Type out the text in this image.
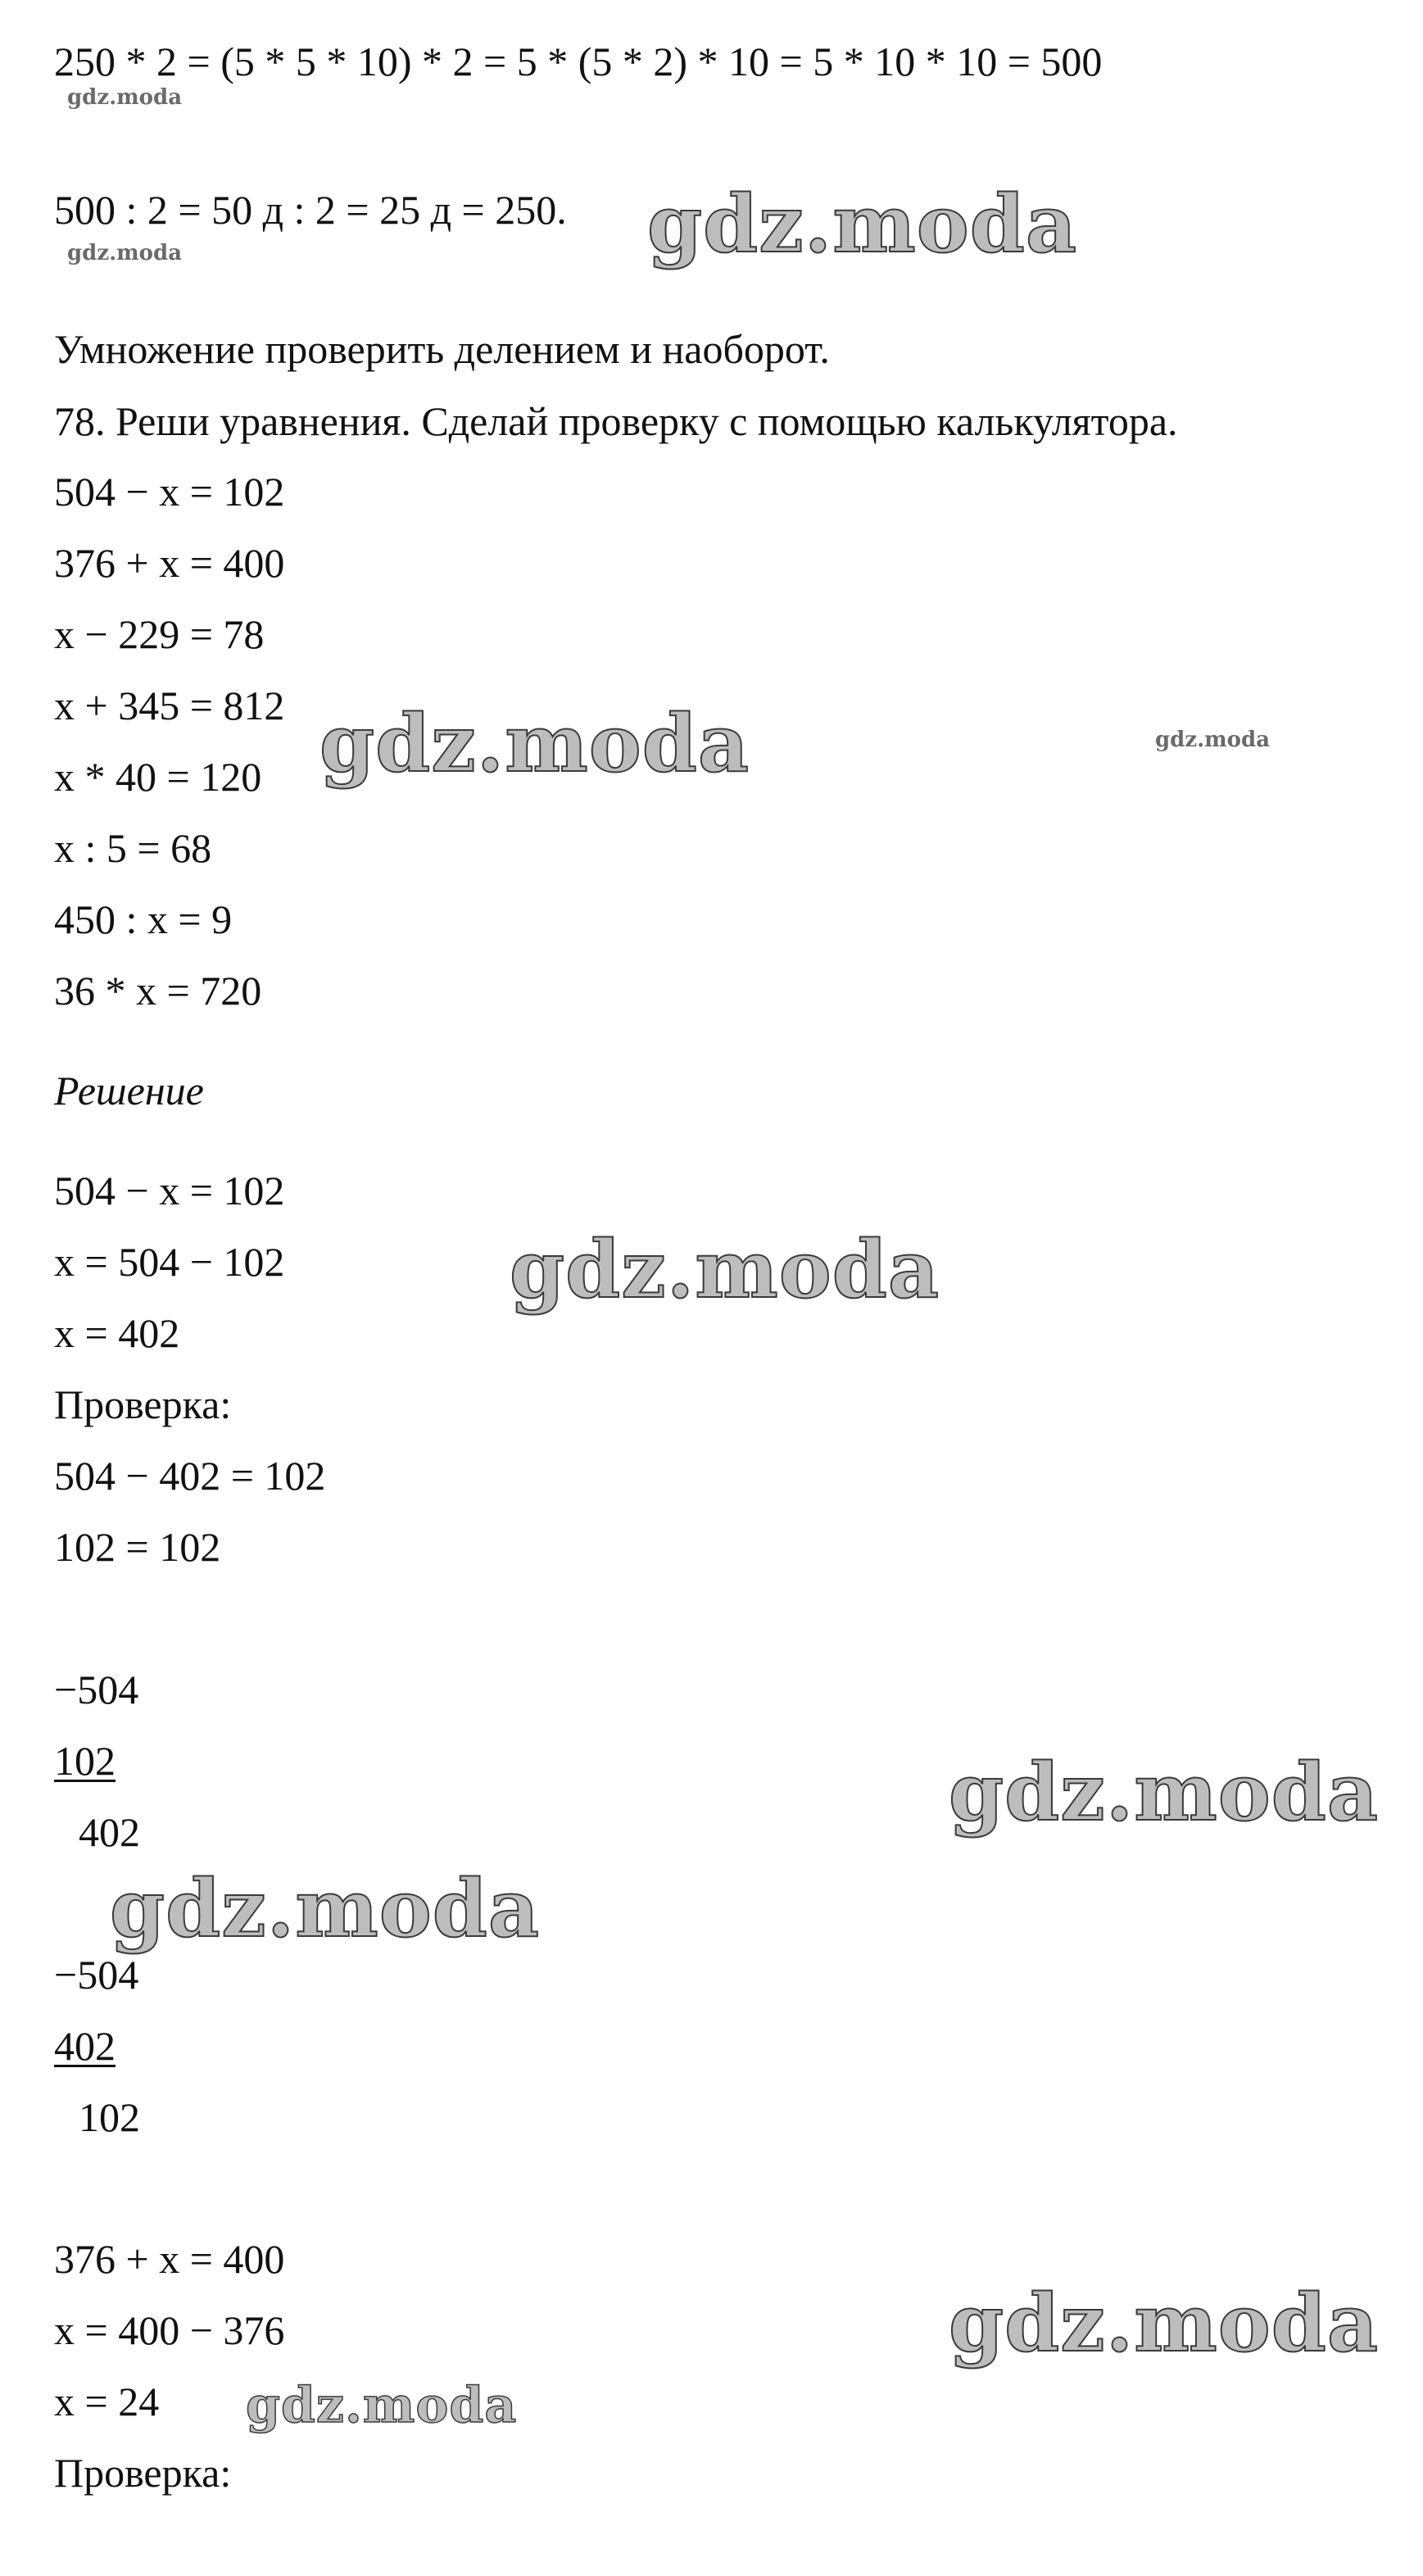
250 * 2 = (5 * 5 * 10) * 2 = 5 * (5 * 2) * 10 = 5 * 10 * 10 = 500

500 : 2 = 50 д : 2 = 25 д = 250.

Умножение проверить делением и наоборот.

78. Реши уравнения. Сделай проверку с помощью калькулятора.

504 − x = 102

376 + x = 400

x − 229 = 78

x + 345 = 812

x * 40 = 120

x : 5 = 68

450 : x = 9

36 * x = 720

Решение

504 − x = 102

x = 504 − 102

x = 402

Проверка:

504 − 402 = 102

102 = 102

−504

102

402

−504

402

102

376 + x = 400

x = 400 − 376

x = 24

Проверка:

gdz.moda
gdz.moda
gdz.moda
gdz.moda
gdz.moda
gdz.moda
gdz.moda
gdz.moda
gdz.moda
gdz.moda
